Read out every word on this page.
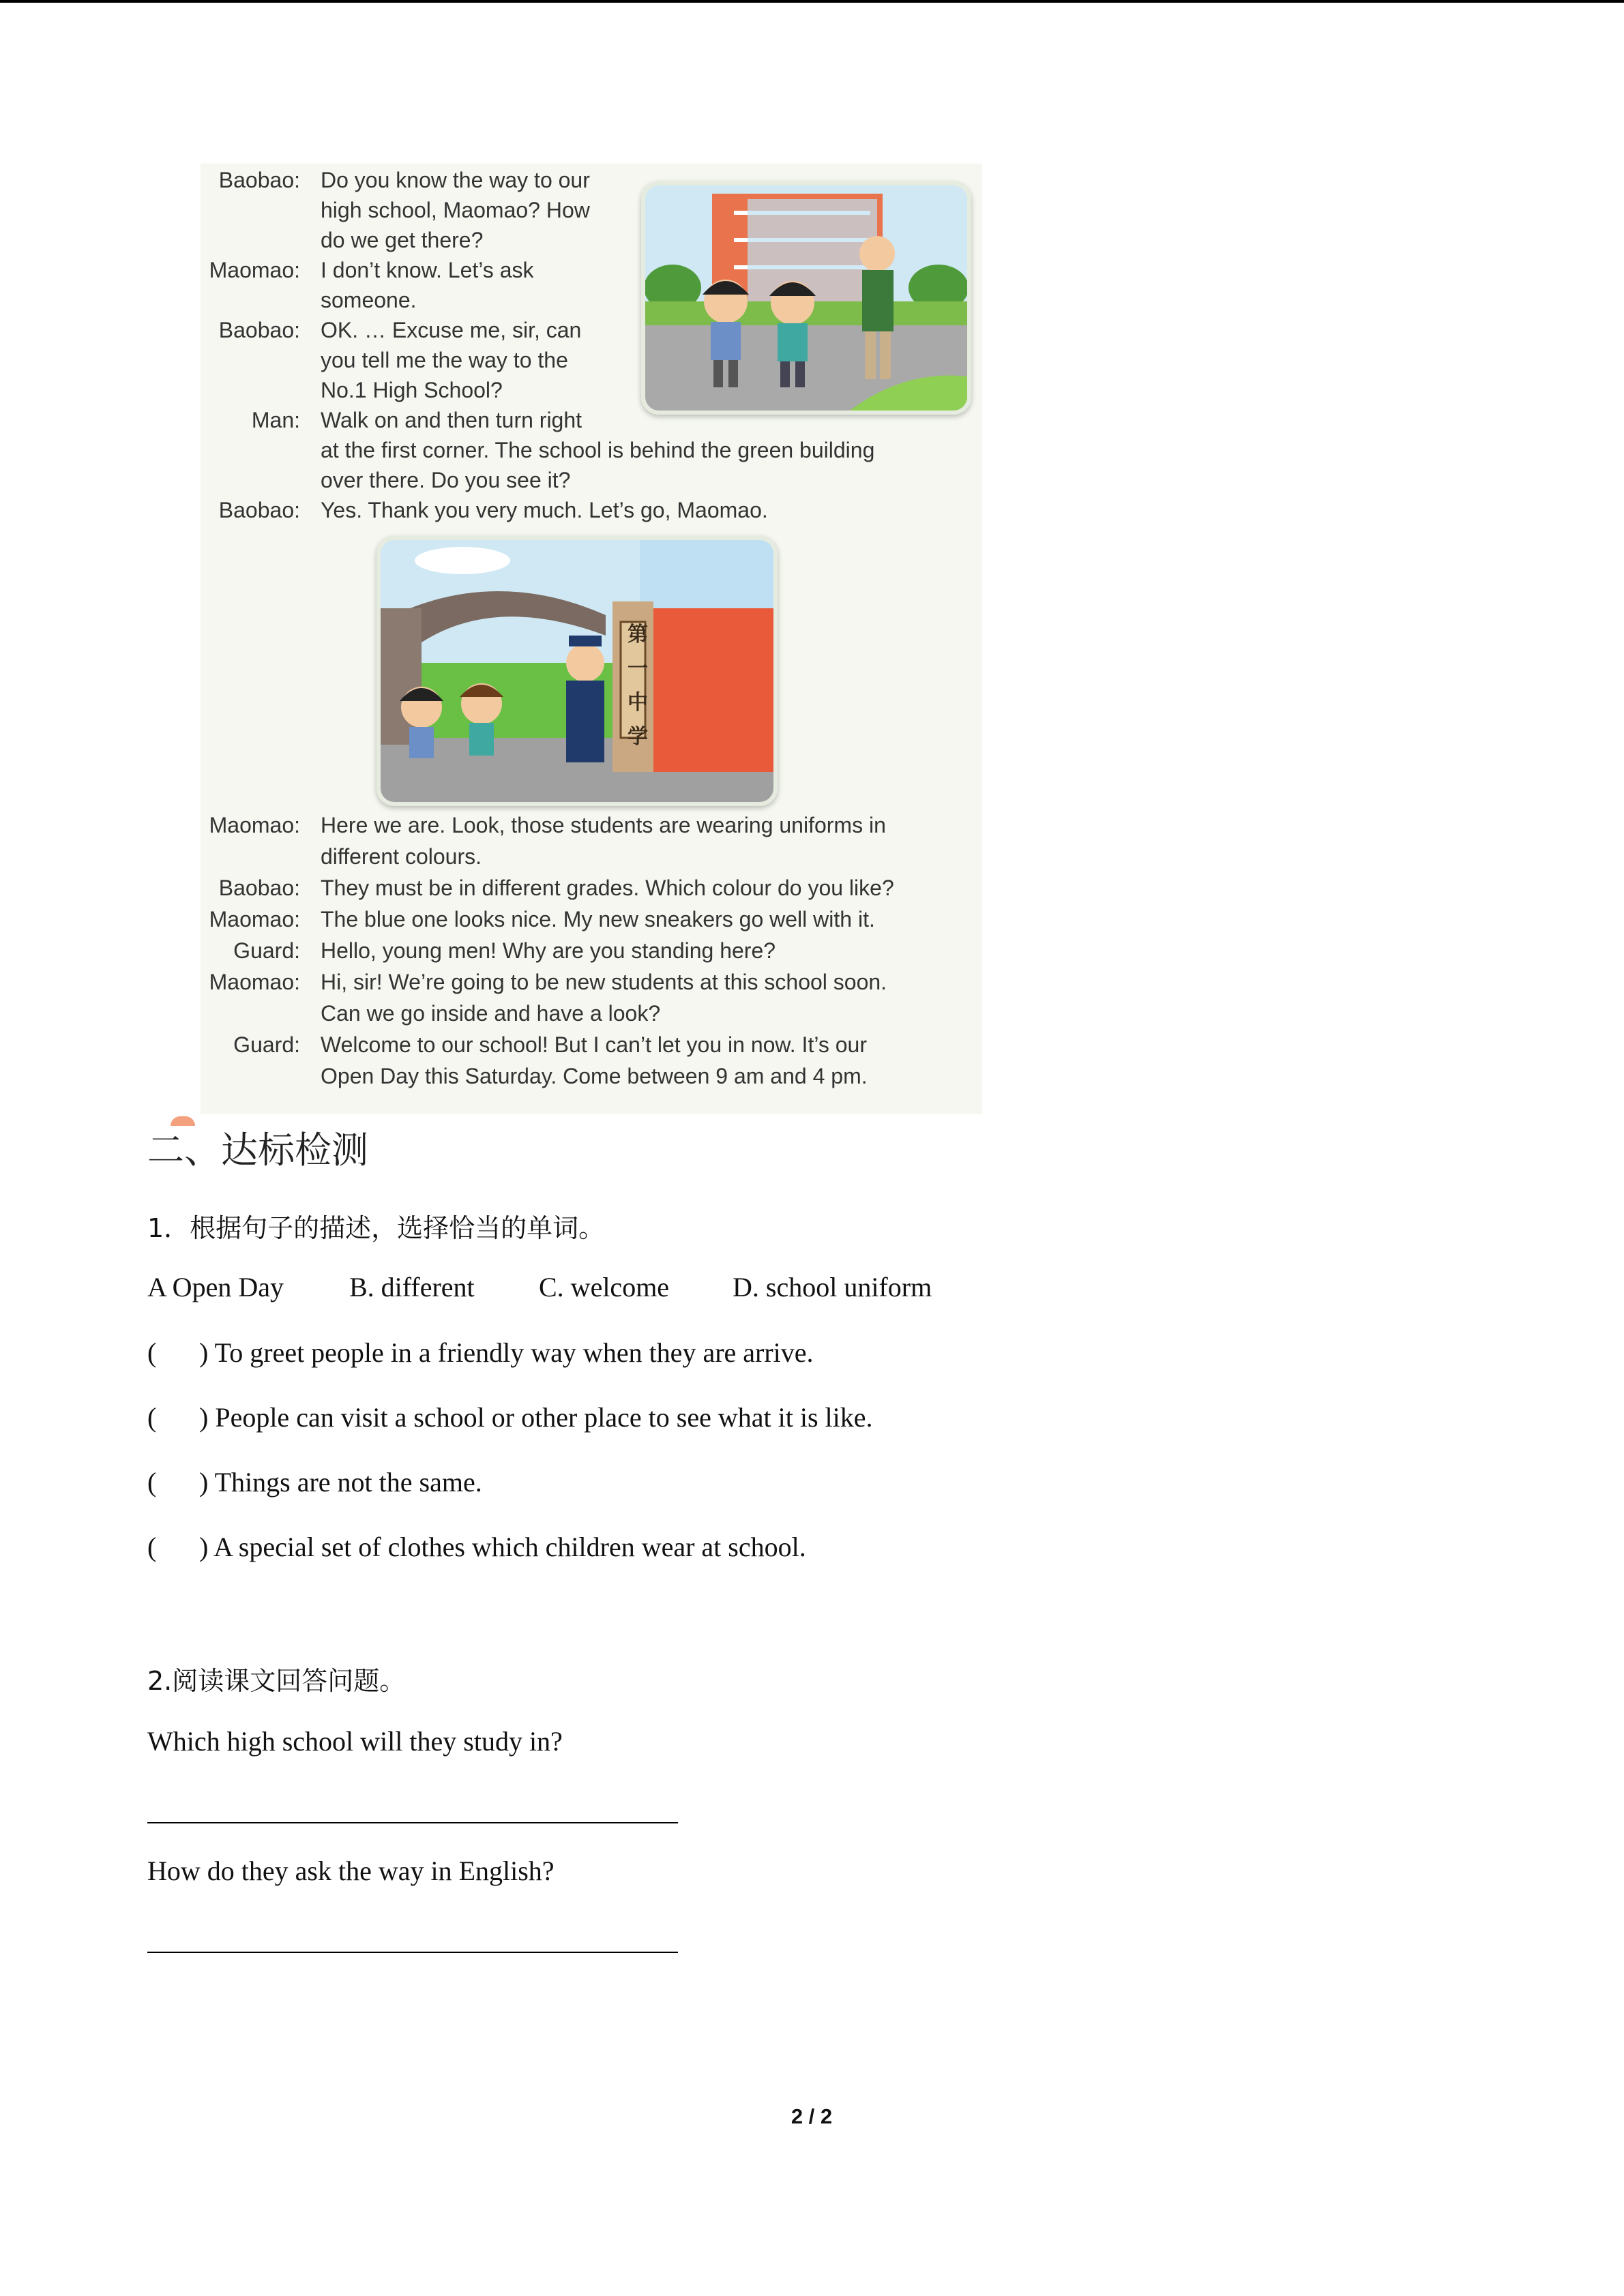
Baobao: Do you know the way to our
high school, Maomao? How
do we get there?
Maomao: I don’t know. Let’s ask
someone.
Baobao: OK. … Excuse me, sir, can
you tell me the way to the
No.1 High School?
Man: Walk on and then turn right
at the first corner. The school is behind the green building
over there. Do you see it?
Baobao: Yes. Thank you very much. Let’s go, Maomao.
第
一
中
学
Maomao: Here we are. Look, those students are wearing uniforms in
different colours.
Baobao: They must be in different grades. Which colour do you like?
Maomao: The blue one looks nice. My new sneakers go well with it.
Guard: Hello, young men! Why are you standing here?
Maomao: Hi, sir! We’re going to be new students at this school soon.
Can we go inside and have a look?
Guard: Welcome to our school! But I can’t let you in now. It’s our
Open Day this Saturday. Come between 9 am and 4 pm.
二、达标检测
1．根据句子的描述，选择恰当的单词。
A Open Day B. different C. welcome D. school uniform
( ) To greet people in a friendly way when they are arrive.
( ) People can visit a school or other place to see what it is like.
( ) Things are not the same.
( ) A special set of clothes which children wear at school.
2.阅读课文回答问题。
Which high school will they study in?
How do they ask the way in English?
2 / 2
